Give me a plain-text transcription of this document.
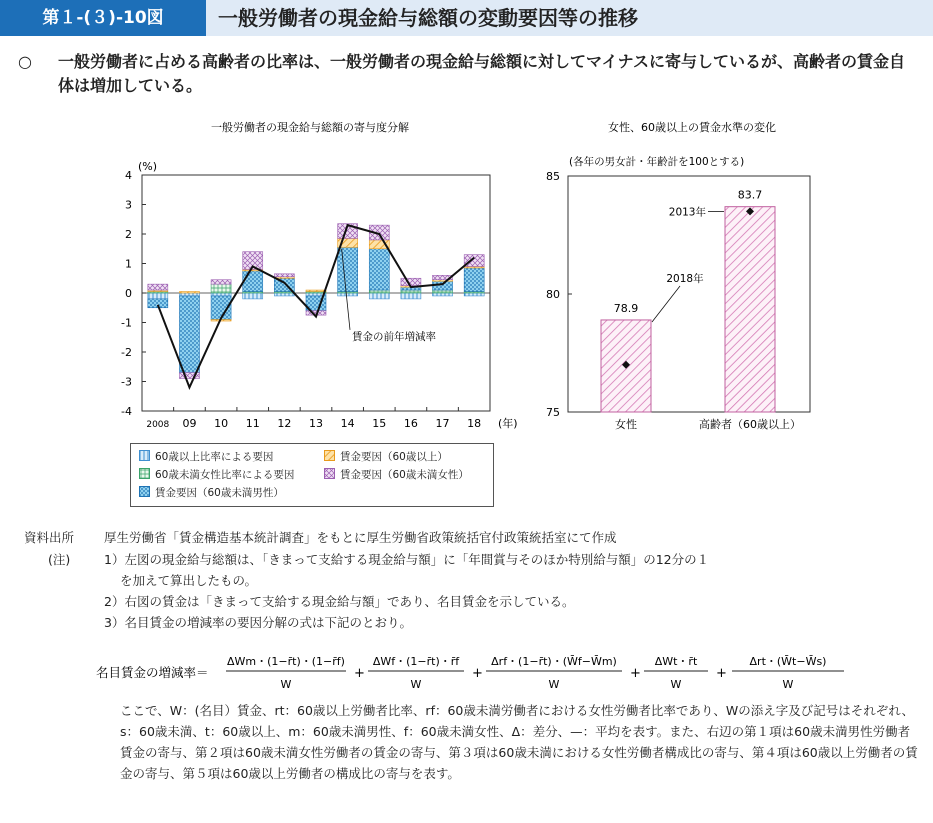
第１-(３)-10図	一般労働者の現金給与総額の変動要因等の推移
○ 一般労働者に占める高齢者の比率は、一般労働者の現金給与総額に対してマイナスに寄与しているが、高齢者の賃金自体は増加している。
一般労働者の現金給与総額の寄与度分解
(%)
4
3
2
1
0
-1
-2
-3
-4
2008 09 10 11 12 13 14 15 16 17 18 (年)
賃金の前年増減率
60歳以上比率による要因	賃金要因（60歳以上）
60歳未満女性比率による要因	賃金要因（60歳未満女性）
賃金要因（60歳未満男性）
女性、60歳以上の賃金水準の変化
(各年の男女計・年齢計を100とする)
85
80
75
78.9
女性
83.7
高齢者（60歳以上）
2013年
2018年
資料出所 厚生労働省「賃金構造基本統計調査」をもとに厚生労働省政策統括官付政策統括室にて作成
(注)	1）左図の現金給与総額は、「きまって支給する現金給与額」に「年間賞与そのほか特別給与額」の12分の１
を加えて算出したもの。
2）右図の賃金は「きまって支給する現金給与額」であり、名目賃金を示している。
3）名目賃金の増減率の要因分解の式は下記のとおり。
名目賃金の増減率＝
ΔWm・(1−r̄t)・(1−r̄f)
W
+
ΔWf・(1−r̄t)・r̄f
W
+
Δrf・(1−r̄t)・(W̄f−W̄m)
W
+
ΔWt・r̄t
W
+
Δrt・(W̄t−W̄s)
W
ここで、W：(名目）賃金、rt：60歳以上労働者比率、rf：60歳未満労働者における女性労働者比率であり、Wの添え字及び記号はそれぞれ、s：60歳未満、t：60歳以上、m：60歳未満男性、f：60歳未満女性、Δ：差分、—：平均を表す。また、右辺の第１項は60歳未満男性労働者賃金の寄与、第２項は60歳未満女性労働者の賃金の寄与、第３項は60歳未満における女性労働者構成比の寄与、第４項は60歳以上労働者の賃金の寄与、第５項は60歳以上労働者の構成比の寄与を表す。
